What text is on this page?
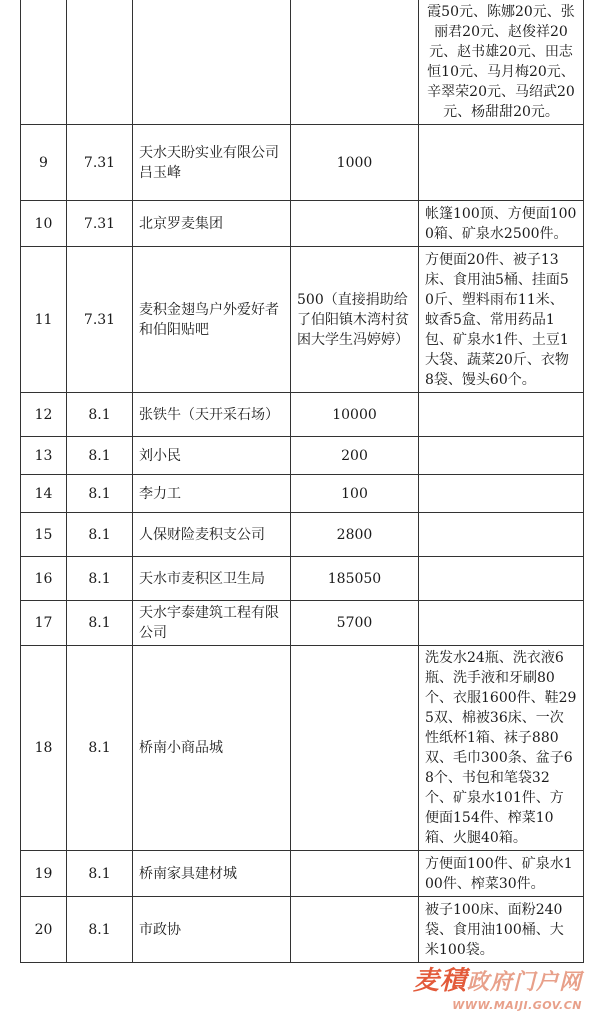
				霞50元、陈娜20元、张丽君20元、赵俊祥20元、赵书雄20元、田志恒10元、马月梅20元、辛翠荣20元、马绍武20元、杨甜甜20元。
9	7.31	天水天盼实业有限公司吕玉峰	1000	
10	7.31	北京罗麦集团		帐篷100顶、方便面1000箱、矿泉水2500件。
11	7.31	麦积金翅鸟户外爱好者和伯阳贴吧	500（直接捐助给了伯阳镇木湾村贫困大学生冯婷婷）	方便面20件、被子13床、食用油5桶、挂面50斤、塑料雨布11米、蚊香5盒、常用药品1包、矿泉水1件、土豆1大袋、蔬菜20斤、衣物8袋、馒头60个。
12	8.1	张铁牛（天开采石场）	10000	
13	8.1	刘小民	200	
14	8.1	李力工	100	
15	8.1	人保财险麦积支公司	2800	
16	8.1	天水市麦积区卫生局	185050	
17	8.1	天水宇泰建筑工程有限公司	5700	
18	8.1	桥南小商品城		洗发水24瓶、洗衣液6瓶、洗手液和牙刷80个、衣服1600件、鞋295双、棉被36床、一次性纸杯1箱、袜子880双、毛巾300条、盆子68个、书包和笔袋32个、矿泉水101件、方便面154件、榨菜10箱、火腿40箱。
19	8.1	桥南家具建材城		方便面100件、矿泉水100件、榨菜30件。
20	8.1	市政协		被子100床、面粉240袋、食用油100桶、大米100袋。
麦積政府门户网
WWW.MAIJI.GOV.CN
